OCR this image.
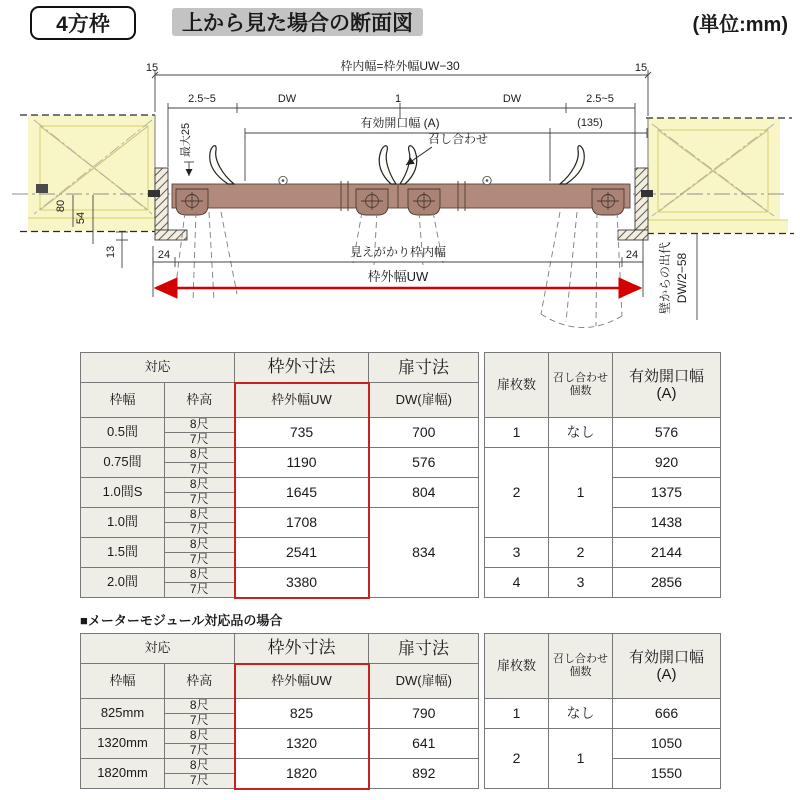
4方枠	上から見た場合の断面図	(単位:mm)
15	枠内幅=枠外幅UW−30	15
2.5~5	DW	1	DW	2.5~5
最大25	有効開口幅 (A)	(135)
召し合わせ
80
54
13	24	見えがかり枠内幅	24
枠外幅UW	壁からの出代 DW/2−58
対応		枠外寸法	扉寸法		扉枚数	召し合わせ
個数	有効開口幅
(A)
枠幅	枠高	枠外幅UW	DW(扉幅)				
0.5間	8尺	735	700		1	なし	576
	7尺						
0.75間	8尺	1190	576		2	1	920
	7尺						
1.0間S	8尺	1645	804				1375
	7尺						
1.0間	8尺	1708	834				1438
	7尺						
1.5間	8尺	2541			3	2	2144
	7尺						
2.0間	8尺	3380			4	3	2856
	7尺						
■メーターモジュール対応品の場合
対応		枠外寸法	扉寸法		扉枚数	召し合わせ
個数	有効開口幅
(A)
枠幅	枠高	枠外幅UW	DW(扉幅)				
825mm	8尺	825	790		1	なし	666
	7尺						
1320mm	8尺	1320	641		2	1	1050
	7尺						
1820mm	8尺	1820	892				1550
	7尺						
